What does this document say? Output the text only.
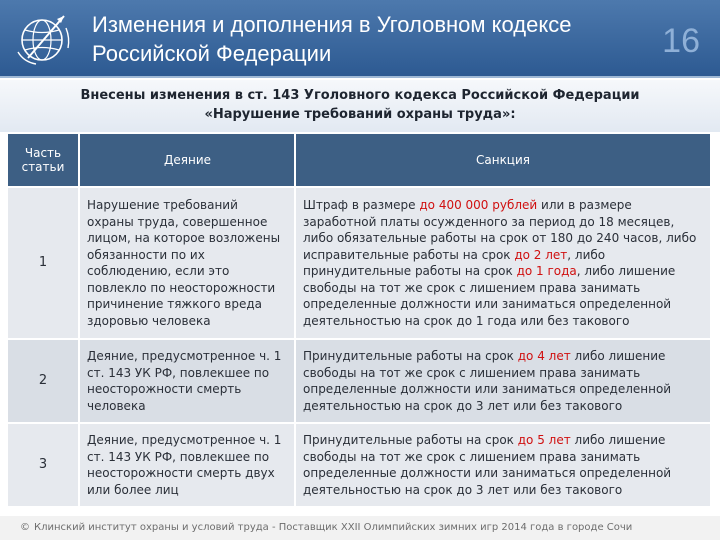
Изменения и дополнения в Уголовном кодексе
Российской Федерации	16
Внесены изменения в ст. 143 Уголовного кодекса Российской Федерации
«Нарушение требований охраны труда»:
Часть статьи	Деяние	Санкция
1	Нарушение требований охраны труда, совершенное лицом, на которое возложены обязанности по их соблюдению, если это повлекло по неосторожности причинение тяжкого вреда здоровью человека	Штраф в размере до 400 000 рублей или в размере заработной платы осужденного за период до 18 месяцев, либо обязательные работы на срок от 180 до 240 часов, либо исправительные работы на срок до 2 лет, либо принудительные работы на срок до 1 года, либо лишение свободы на тот же срок с лишением права занимать определенные должности или заниматься определенной деятельностью на срок до 1 года или без такового
2	Деяние, предусмотренное ч. 1 ст. 143 УК РФ, повлекшее по неосторожности смерть человека	Принудительные работы на срок до 4 лет либо лишение свободы на тот же срок с лишением права занимать определенные должности или заниматься определенной деятельностью на срок до 3 лет или без такового
3	Деяние, предусмотренное ч. 1 ст. 143 УК РФ, повлекшее по неосторожности смерть двух или более лиц	Принудительные работы на срок до 5 лет либо лишение свободы на тот же срок с лишением права занимать определенные должности или заниматься определенной деятельностью на срок до 3 лет или без такового
© Клинский институт охраны и условий труда - Поставщик XXII Олимпийских зимних игр 2014 года в городе Сочи
